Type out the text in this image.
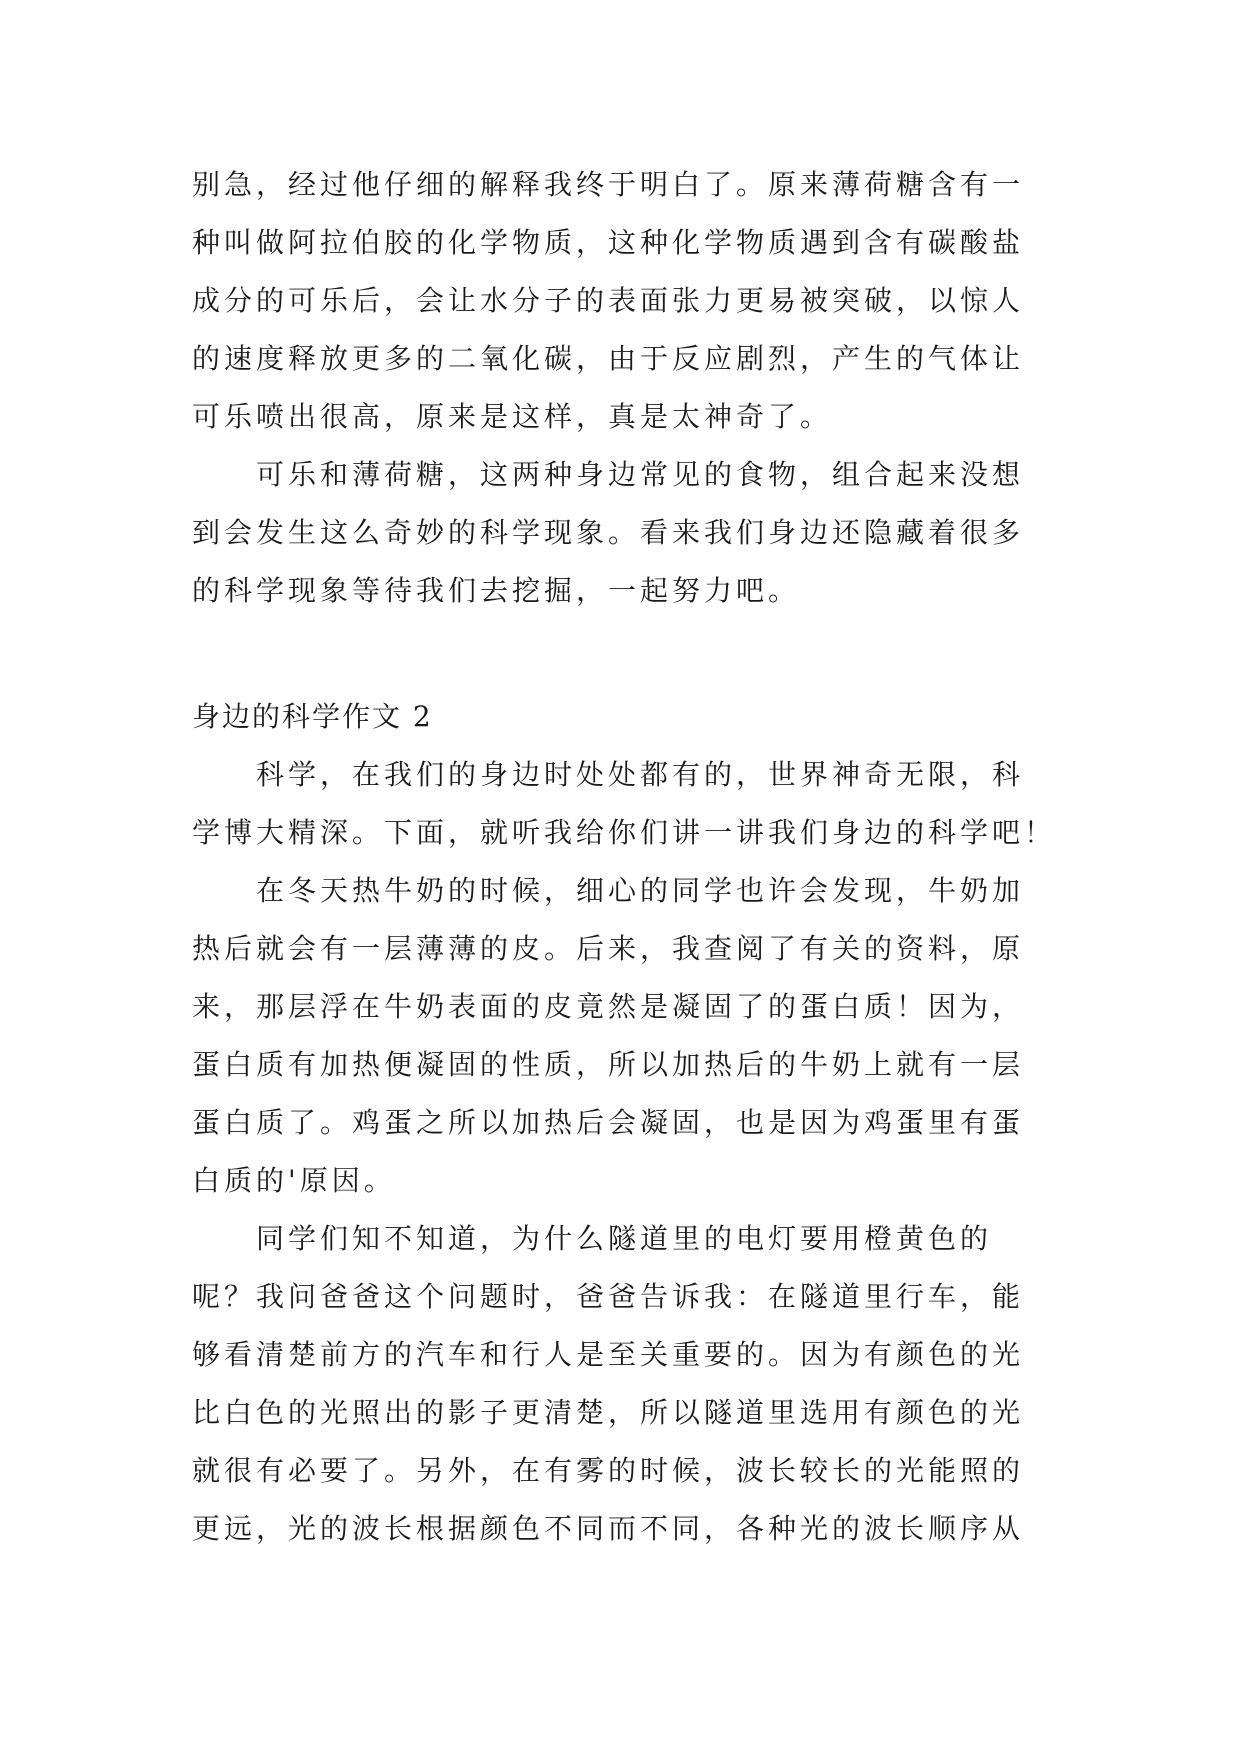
别急，经过他仔细的解释我终于明白了。原来薄荷糖含有一
种叫做阿拉伯胶的化学物质，这种化学物质遇到含有碳酸盐
成分的可乐后，会让水分子的表面张力更易被突破，以惊人
的速度释放更多的二氧化碳，由于反应剧烈，产生的气体让
可乐喷出很高，原来是这样，真是太神奇了。
可乐和薄荷糖，这两种身边常见的食物，组合起来没想
到会发生这么奇妙的科学现象。看来我们身边还隐藏着很多
的科学现象等待我们去挖掘，一起努力吧。
身边的科学作文 2
科学，在我们的身边时处处都有的，世界神奇无限，科
学博大精深。下面，就听我给你们讲一讲我们身边的科学吧！
在冬天热牛奶的时候，细心的同学也许会发现，牛奶加
热后就会有一层薄薄的皮。后来，我查阅了有关的资料，原
来，那层浮在牛奶表面的皮竟然是凝固了的蛋白质！因为，
蛋白质有加热便凝固的性质，所以加热后的牛奶上就有一层
蛋白质了。鸡蛋之所以加热后会凝固，也是因为鸡蛋里有蛋
白质的'原因。
同学们知不知道，为什么隧道里的电灯要用橙黄色的
呢？我问爸爸这个问题时，爸爸告诉我：在隧道里行车，能
够看清楚前方的汽车和行人是至关重要的。因为有颜色的光
比白色的光照出的影子更清楚，所以隧道里选用有颜色的光
就很有必要了。另外，在有雾的时候，波长较长的光能照的
更远，光的波长根据颜色不同而不同，各种光的波长顺序从
